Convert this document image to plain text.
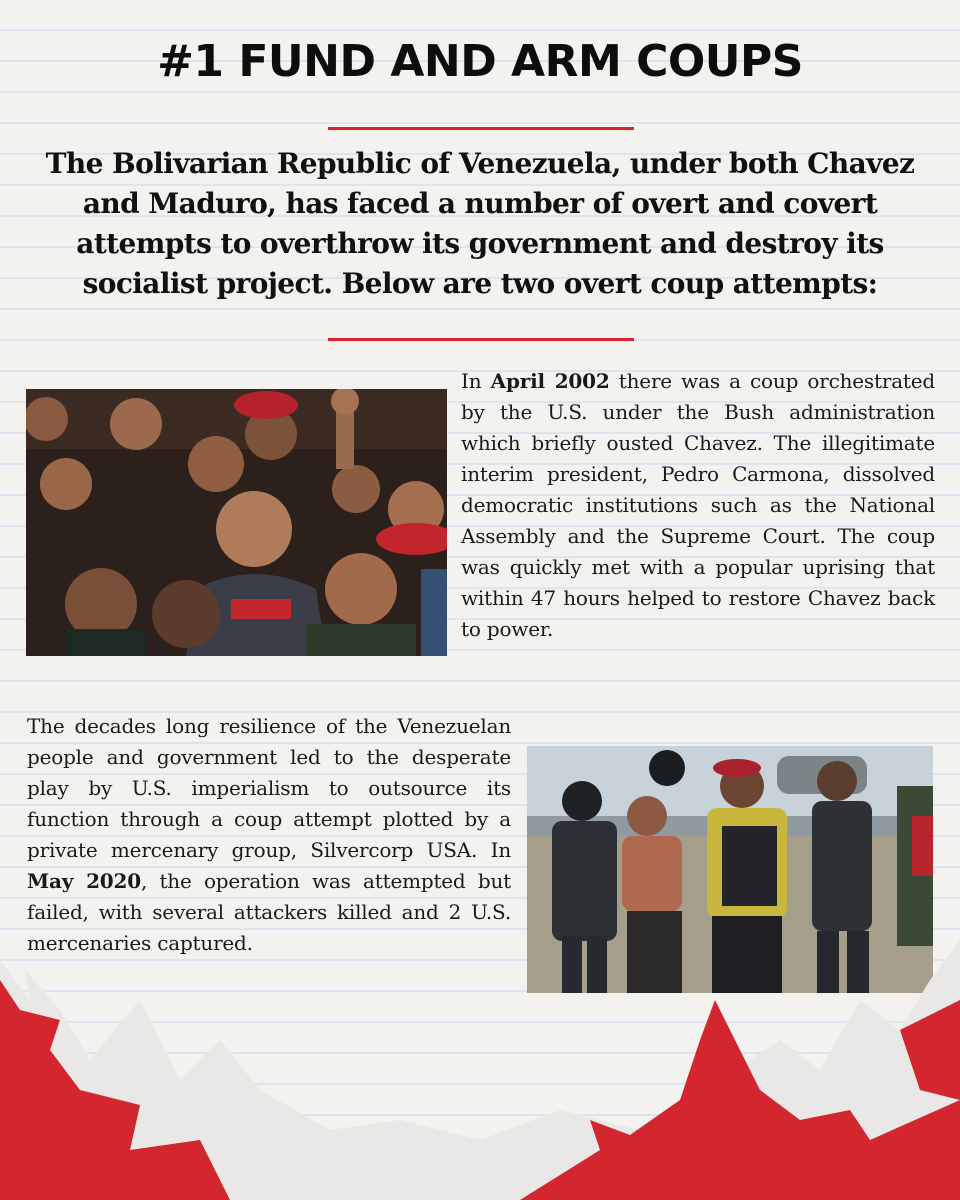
#1 FUND AND ARM COUPS

The Bolivarian Republic of Venezuela, under both Chavez and Maduro, has faced a number of overt and covert attempts to overthrow its government and destroy its socialist project. Below are two overt coup attempts:

In April 2002 there was a coup orchestrated by the U.S. under the Bush administration which briefly ousted Chavez. The illegitimate interim president, Pedro Carmona, dissolved democratic institutions such as the National Assembly and the Supreme Court. The coup was quickly met with a popular uprising that within 47 hours helped to restore Chavez back to power.

The decades long resilience of the Venezuelan people and government led to the desperate play by U.S. imperialism to outsource its function through a coup attempt plotted by a private mercenary group, Silvercorp USA. In May 2020, the operation was attempted but failed, with several attackers killed and 2 U.S. mercenaries captured.
